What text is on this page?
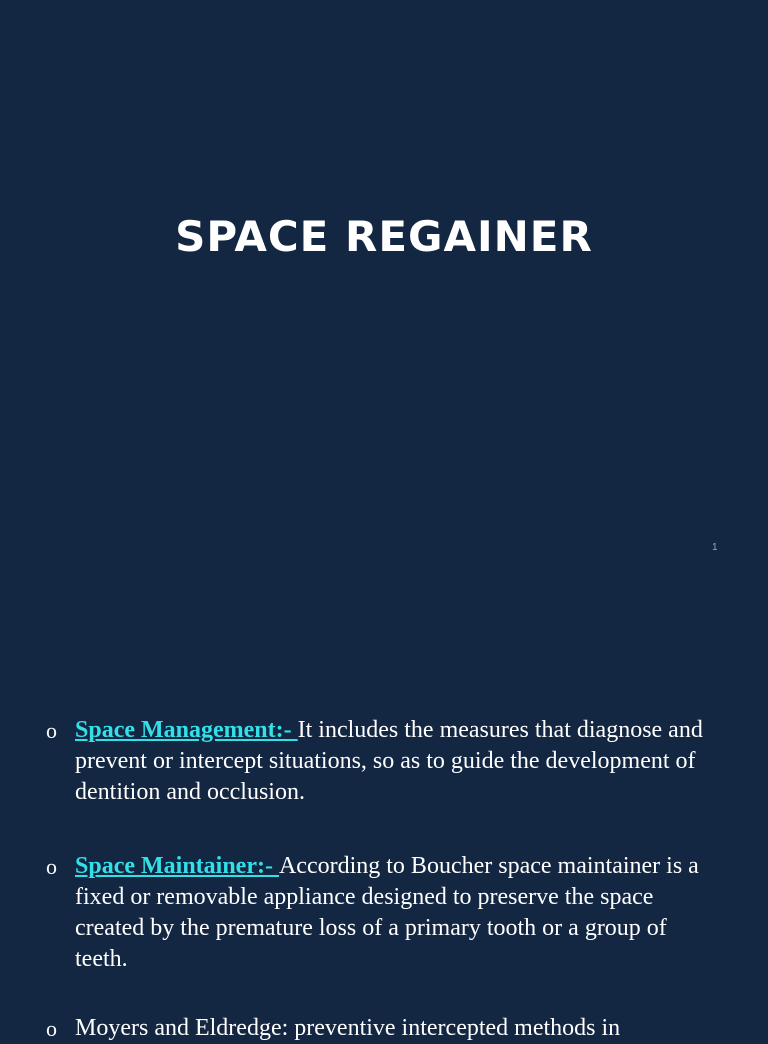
SPACE REGAINER
1
o Space Management:- It includes the measures that diagnose and prevent or intercept situations, so as to guide the development of dentition and occlusion.
o Space Maintainer:- According to Boucher space maintainer is a fixed or removable appliance designed to preserve the space created by the premature loss of a primary tooth or a group of teeth.
o Moyers and Eldredge: preventive intercepted methods in
